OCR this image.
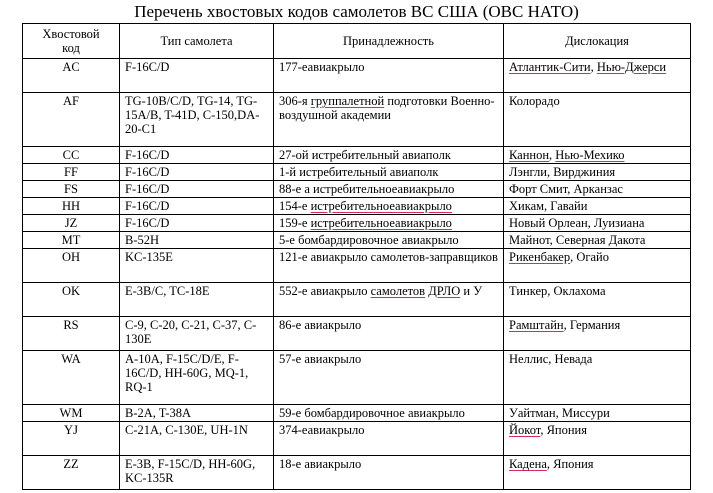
Перечень хвостовых кодов самолетов ВС США (ОВС НАТО)
Хвостовой
код	Тип самолета	Принадлежность	Дислокация
AC	F-16C/D	177-еавиакрыло	Атлантик-Сити, Нью-Джерси
AF	TG-10B/C/D, TG-14, TG-15A/B, T-41D, C-150,DA-20-C1	306-я группалетной подготовки Военно-воздушной академии	Колорадо
CC	F-16C/D	27-ой истребительный авиаполк	Каннон, Нью-Мехико
FF	F-16C/D	1-й истребительный авиаполк	Лэнгли, Вирджиния
FS	F-16C/D	88-е а истребительноеавиакрыло	Форт Смит, Арканзас
HH	F-16C/D	154-е истребительноеавиакрыло	Хикам, Гавайи
JZ	F-16C/D	159-е истребительноеавиакрыло	Новый Орлеан, Луизиана
MT	B-52H	5-е бомбардировочное авиакрыло	Майнот, Северная Дакота
OH	KC-135E	121-е авиакрыло самолетов-заправщиков	Рикенбакер, Огайо
OK	E-3B/C, TC-18E	552-е авиакрыло самолетов ДРЛО и У	Тинкер, Оклахома
RS	C-9, C-20, C-21, C-37, C-130E	86-е авиакрыло	Рамштайн, Германия
WA	A-10A, F-15C/D/E, F-16C/D, HH-60G, MQ-1, RQ-1	57-е авиакрыло	Неллис, Невада
WM	B-2A, T-38A	59-е бомбардировочное авиакрыло	Уайтман, Миссури
YJ	C-21A, C-130E, UH-1N	374-еавиакрыло	Йокот, Япония
ZZ	E-3B, F-15C/D, HH-60G, KC-135R	18-е авиакрыло	Кадена, Япония
